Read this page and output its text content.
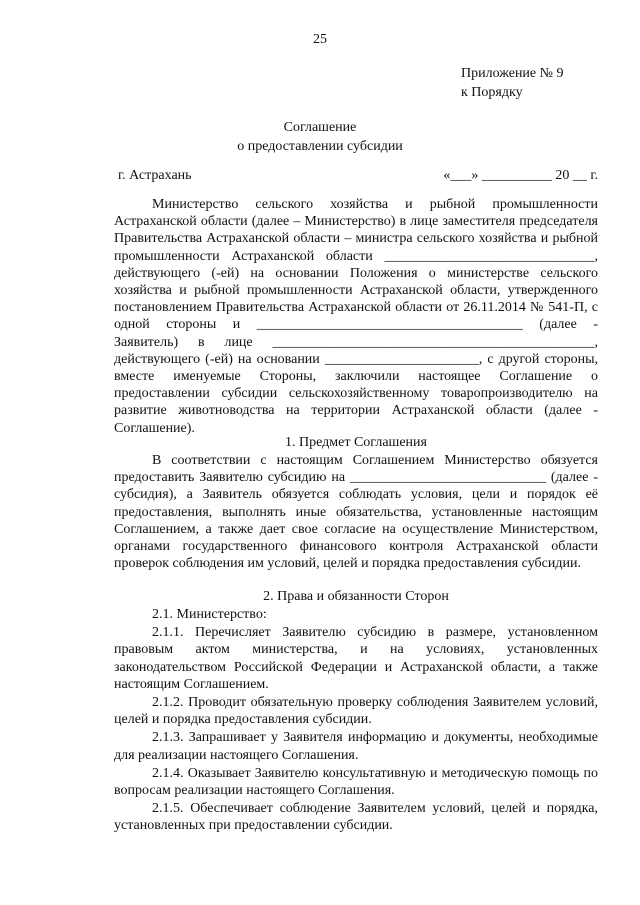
25
Приложение № 9
к Порядку
Соглашение
о предоставлении субсидии
г. Астрахань	«___» __________ 20 __ г.

Министерство сельского хозяйства и рыбной промышленности Астраханской области (далее – Министерство) в лице заместителя председателя Правительства Астраханской области – министра сельского хозяйства и рыбной промышленности Астраханской области ______________________________, действующего (-ей) на основании Положения о министерстве сельского хозяйства и рыбной промышленности Астраханской области, утвержденного постановлением Правительства Астраханской области от 26.11.2014 № 541-П, с одной стороны и ______________________________________ (далее - Заявитель) в лице ______________________________________________, действующего (-ей) на основании ______________________, с другой стороны, вместе именуемые Стороны, заключили настоящее Соглашение о предоставлении субсидии сельскохозяйственному товаропроизводителю на развитие животноводства на территории Астраханской области (далее - Соглашение).

1. Предмет Соглашения

В соответствии с настоящим Соглашением Министерство обязуется предоставить Заявителю субсидию на ____________________________ (далее - субсидия), а Заявитель обязуется соблюдать условия, цели и порядок её предоставления, выполнять иные обязательства, установленные настоящим Соглашением, а также дает свое согласие на осуществление Министерством, органами государственного финансового контроля Астраханской области проверок соблюдения им условий, целей и порядка предоставления субсидии.

2. Права и обязанности Сторон

2.1. Министерство:

2.1.1. Перечисляет Заявителю субсидию в размере, установленном правовым актом министерства, и на условиях, установленных законодательством Российской Федерации и Астраханской области, а также настоящим Соглашением.

2.1.2. Проводит обязательную проверку соблюдения Заявителем условий, целей и порядка предоставления субсидии.

2.1.3. Запрашивает у Заявителя информацию и документы, необходимые для реализации настоящего Соглашения.

2.1.4. Оказывает Заявителю консультативную и методическую помощь по вопросам реализации настоящего Соглашения.

2.1.5. Обеспечивает соблюдение Заявителем условий, целей и порядка, установленных при предоставлении субсидии.
